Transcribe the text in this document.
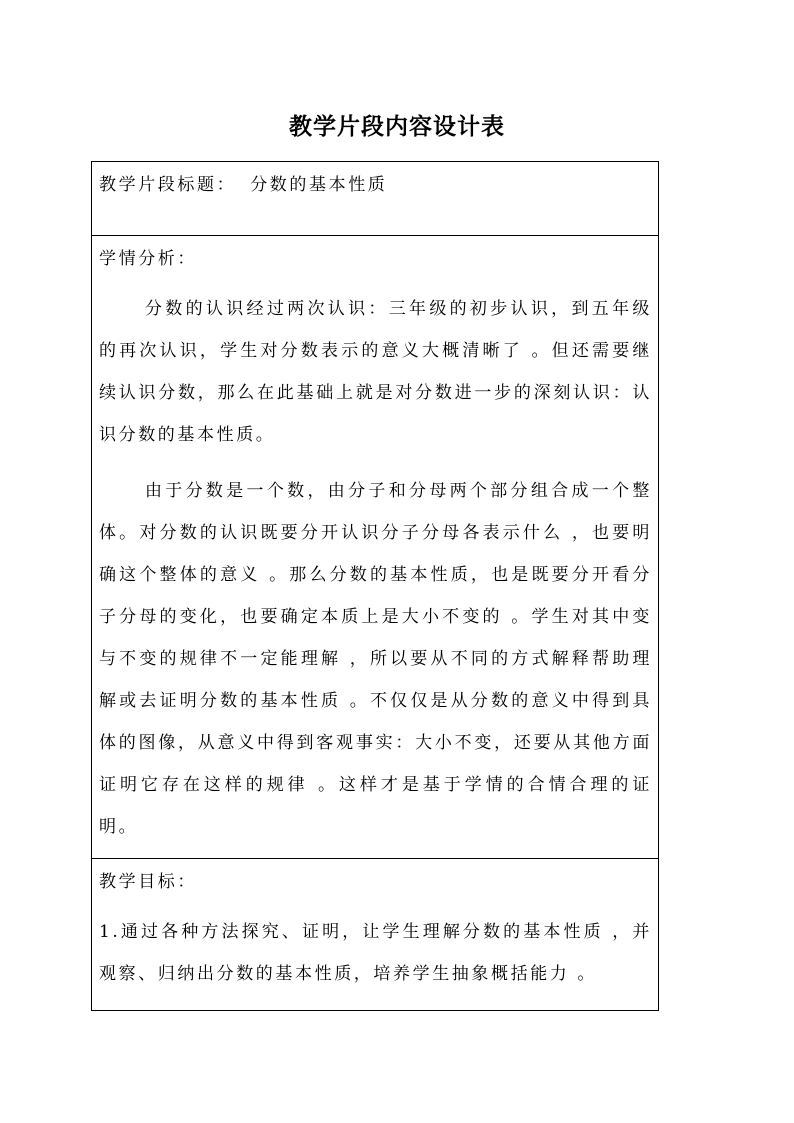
教学片段内容设计表
教学片段标题： 分数的基本性质
学情分析：

分数的认识经过两次认识：三年级的初步认识，到五年级的再次认识，学生对分数表示的意义大概清晰了 。但还需要继续认识分数，那么在此基础上就是对分数进一步的深刻认识：认识分数的基本性质。

由于分数是一个数，由分子和分母两个部分组合成一个整体。对分数的认识既要分开认识分子分母各表示什么 ，也要明确这个整体的意义 。那么分数的基本性质，也是既要分开看分子分母的变化，也要确定本质上是大小不变的 。学生对其中变与不变的规律不一定能理解 ，所以要从不同的方式解释帮助理解或去证明分数的基本性质 。不仅仅是从分数的意义中得到具体的图像，从意义中得到客观事实：大小不变，还要从其他方面证明它存在这样的规律 。这样才是基于学情的合情合理的证明。

教学目标：

1.通过各种方法探究、证明，让学生理解分数的基本性质 ，并观察、归纳出分数的基本性质，培养学生抽象概括能力 。
